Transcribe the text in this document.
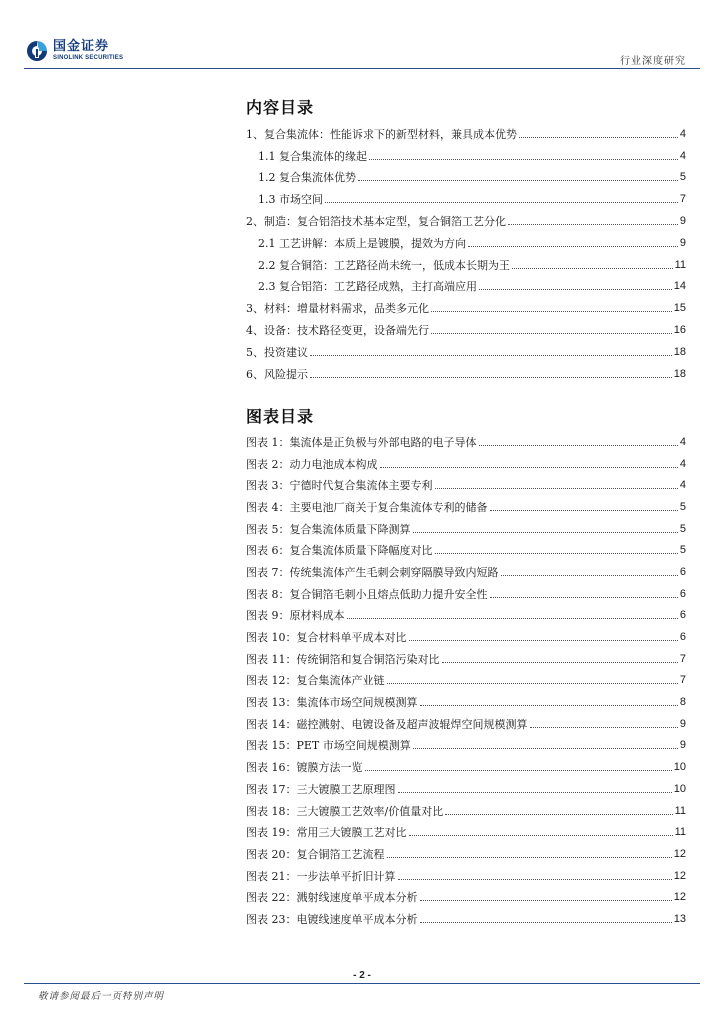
国金证券
SINOLINK SECURITIES	行业深度研究
内容目录
1、复合集流体：性能诉求下的新型材料，兼具成本优势	4
1.1 复合集流体的缘起	4
1.2 复合集流体优势	5
1.3 市场空间	7
2、制造：复合铝箔技术基本定型，复合铜箔工艺分化	9
2.1 工艺讲解：本质上是镀膜，提效为方向	9
2.2 复合铜箔：工艺路径尚未统一，低成本长期为王	11
2.3 复合铝箔：工艺路径成熟，主打高端应用	14
3、材料：增量材料需求，品类多元化	15
4、设备：技术路径变更，设备端先行	16
5、投资建议	18
6、风险提示	18
图表目录
图表 1：集流体是正负极与外部电路的电子导体	4
图表 2：动力电池成本构成	4
图表 3：宁德时代复合集流体主要专利	4
图表 4：主要电池厂商关于复合集流体专利的储备	5
图表 5：复合集流体质量下降测算	5
图表 6：复合集流体质量下降幅度对比	5
图表 7：传统集流体产生毛刺会刺穿隔膜导致内短路	6
图表 8：复合铜箔毛刺小且熔点低助力提升安全性	6
图表 9：原材料成本	6
图表 10：复合材料单平成本对比	6
图表 11：传统铜箔和复合铜箔污染对比	7
图表 12：复合集流体产业链	7
图表 13：集流体市场空间规模测算	8
图表 14：磁控溅射、电镀设备及超声波辊焊空间规模测算	9
图表 15：PET 市场空间规模测算	9
图表 16：镀膜方法一览	10
图表 17：三大镀膜工艺原理图	10
图表 18：三大镀膜工艺效率/价值量对比	11
图表 19：常用三大镀膜工艺对比	11
图表 20：复合铜箔工艺流程	12
图表 21：一步法单平折旧计算	12
图表 22：溅射线速度单平成本分析	12
图表 23：电镀线速度单平成本分析	13
- 2 -
敬请参阅最后一页特别声明
